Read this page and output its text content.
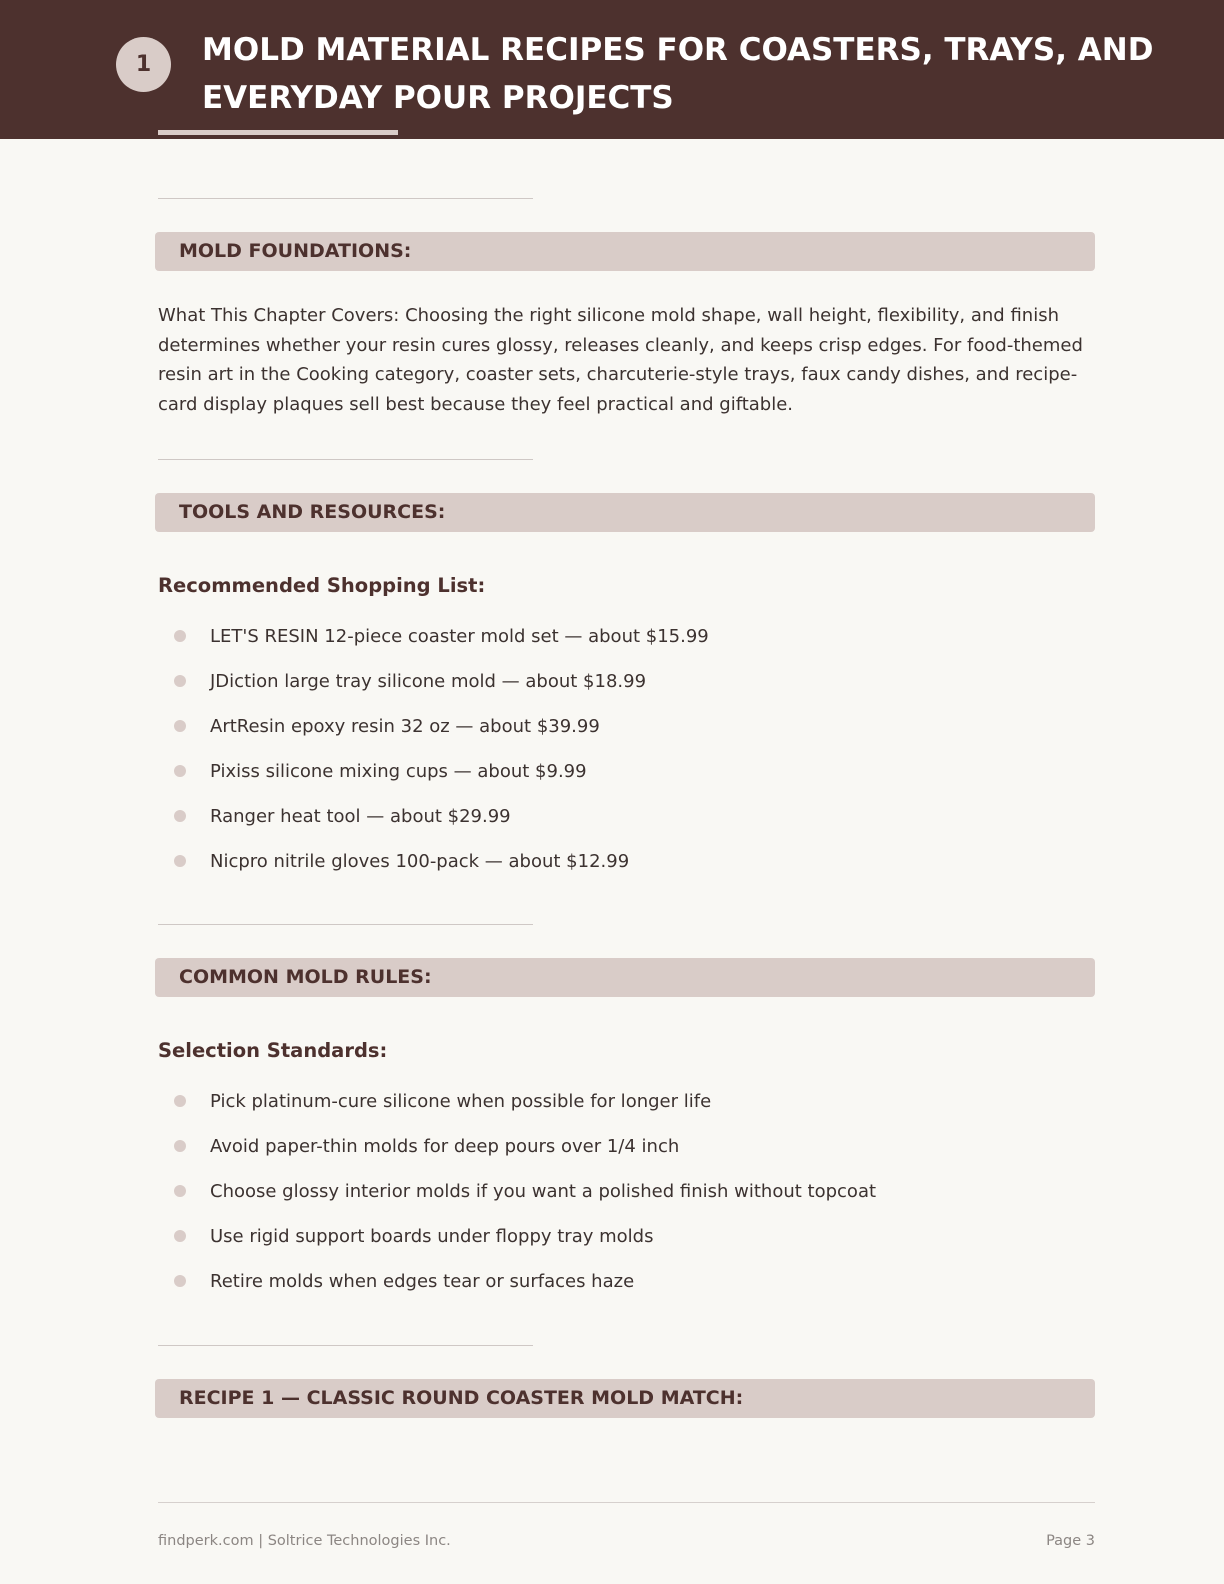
1	MOLD MATERIAL RECIPES FOR COASTERS, TRAYS, AND EVERYDAY POUR PROJECTS
MOLD FOUNDATIONS:

What This Chapter Covers: Choosing the right silicone mold shape, wall height, flexibility, and finish determines whether your resin cures glossy, releases cleanly, and keeps crisp edges. For food-themed resin art in the Cooking category, coaster sets, charcuterie-style trays, faux candy dishes, and recipe-card display plaques sell best because they feel practical and giftable.

TOOLS AND RESOURCES:
Recommended Shopping List:
LET'S RESIN 12-piece coaster mold set — about $15.99
JDiction large tray silicone mold — about $18.99
ArtResin epoxy resin 32 oz — about $39.99
Pixiss silicone mixing cups — about $9.99
Ranger heat tool — about $29.99
Nicpro nitrile gloves 100-pack — about $12.99
COMMON MOLD RULES:
Selection Standards:
Pick platinum-cure silicone when possible for longer life
Avoid paper-thin molds for deep pours over 1/4 inch
Choose glossy interior molds if you want a polished finish without topcoat
Use rigid support boards under floppy tray molds
Retire molds when edges tear or surfaces haze
RECIPE 1 — CLASSIC ROUND COASTER MOLD MATCH:
findperk.com | Soltrice Technologies Inc.	Page 3
